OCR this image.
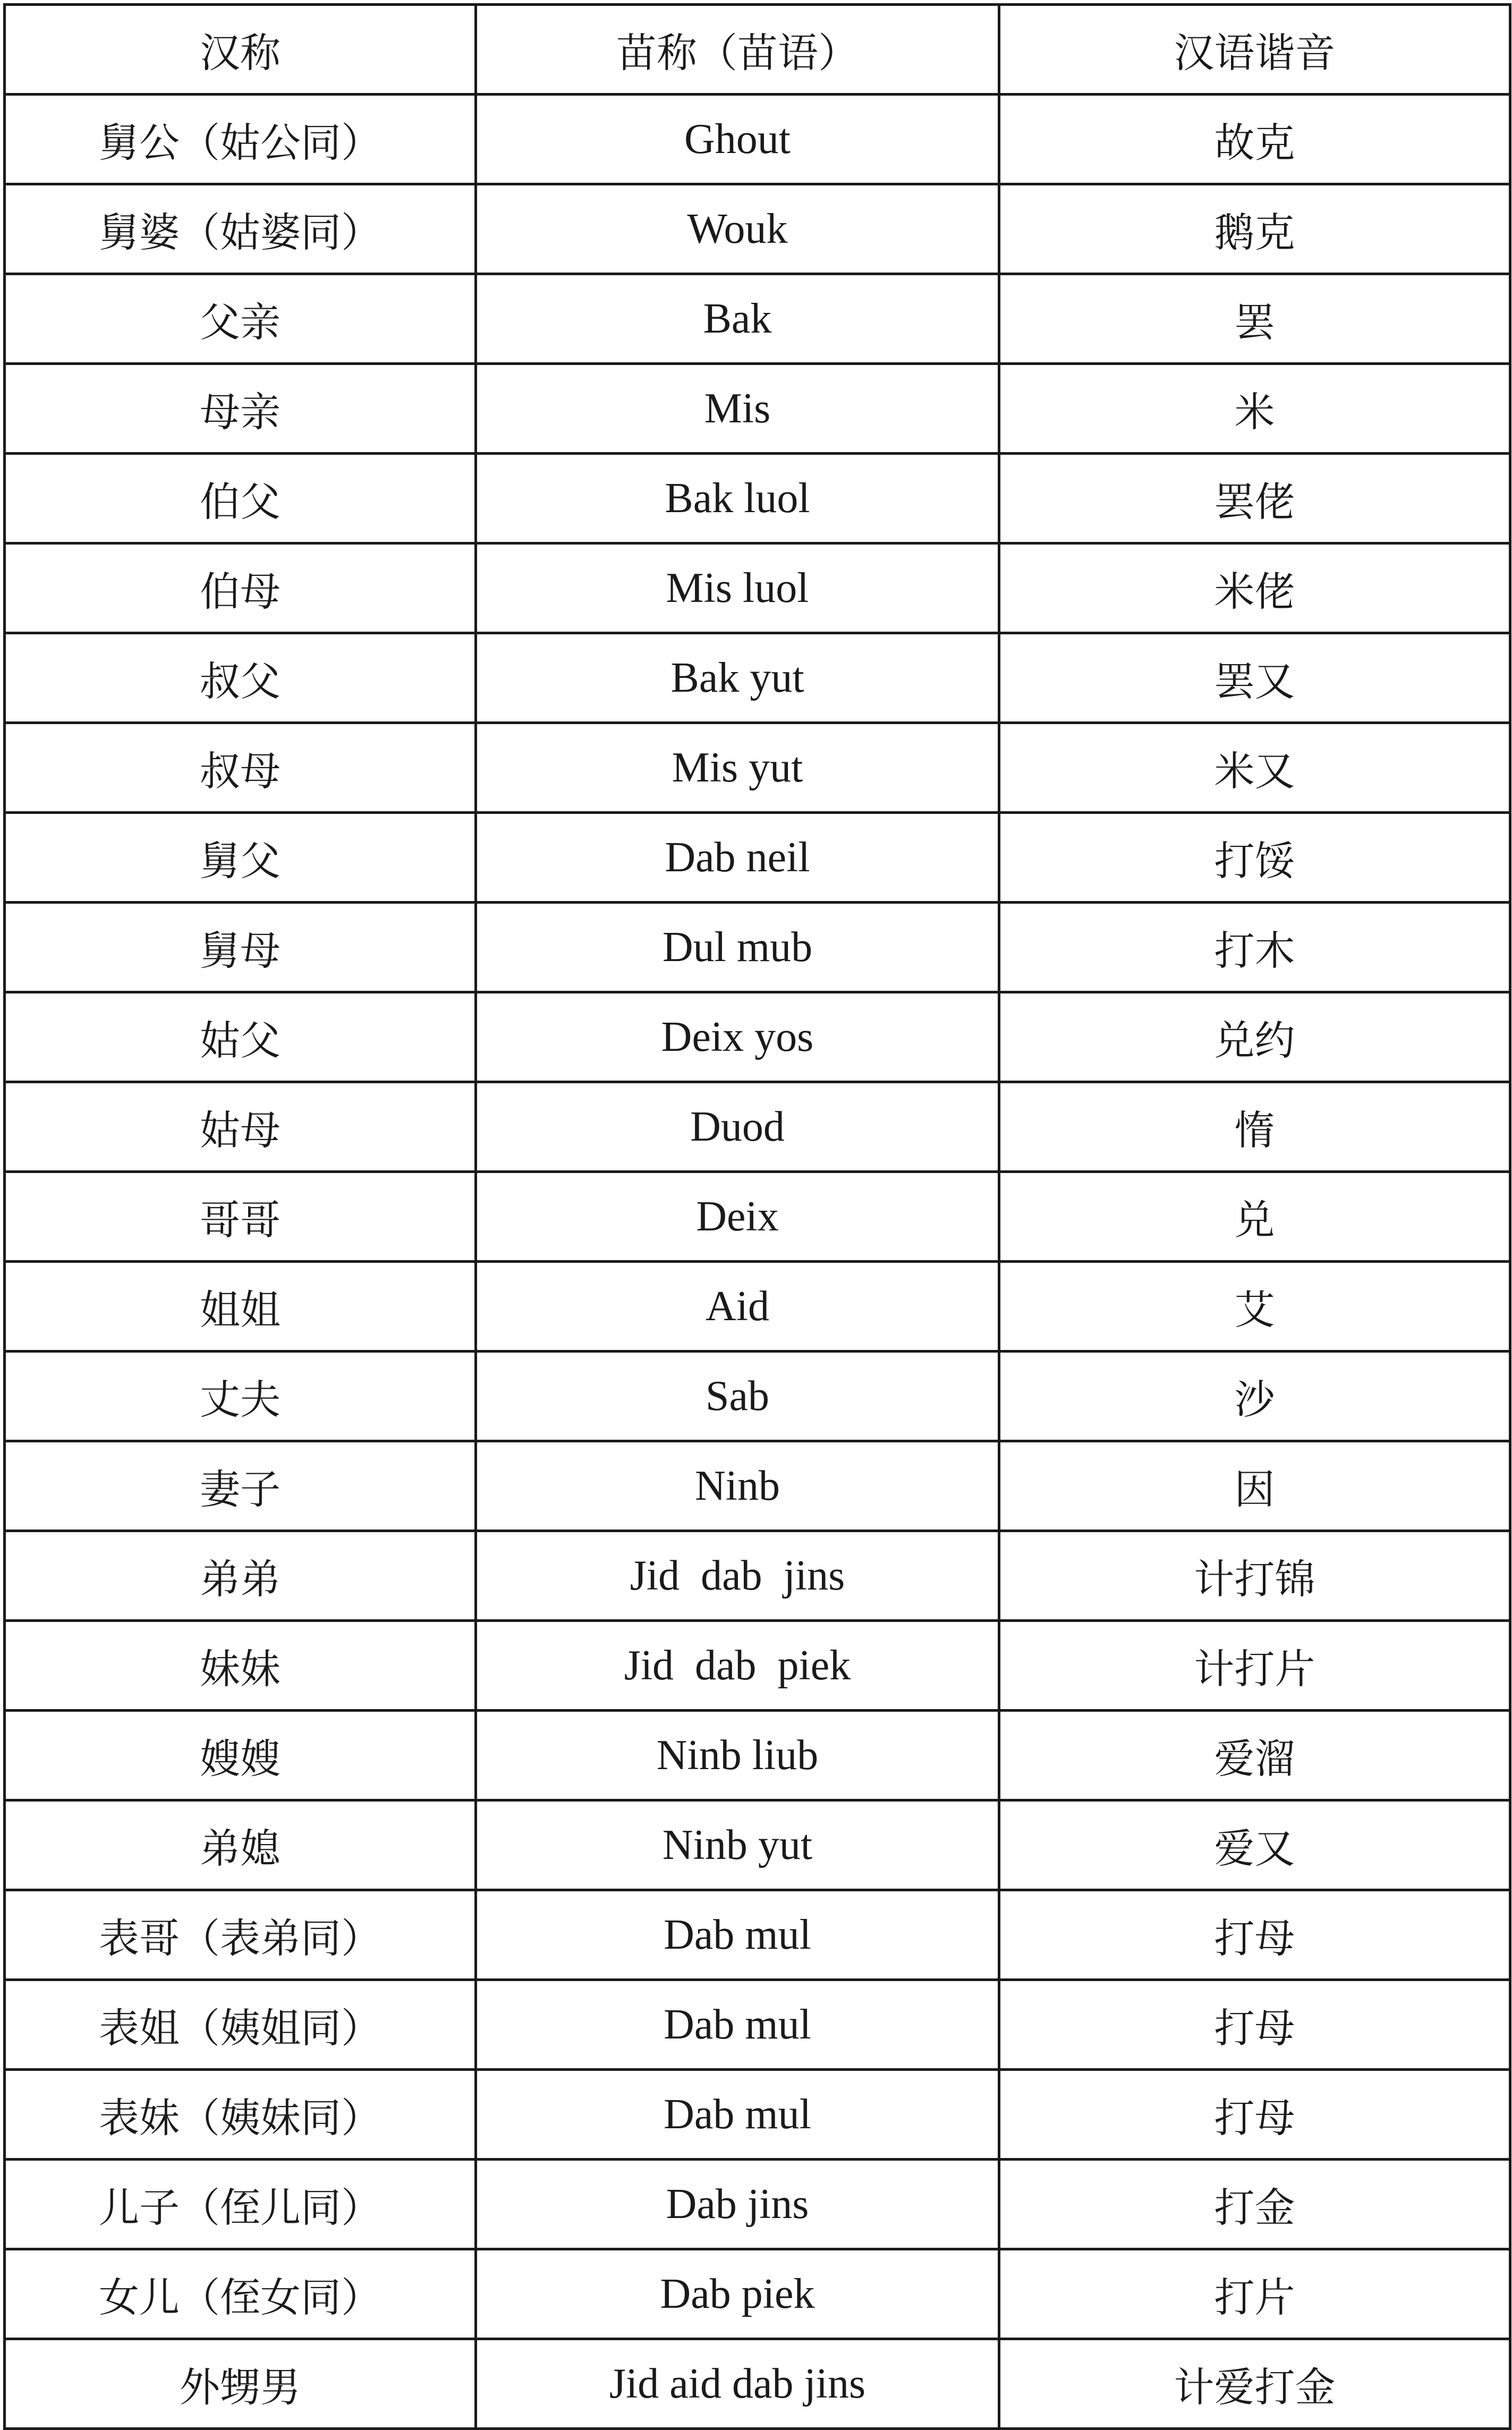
汉称	苗称（苗语）	汉语谐音
舅公（姑公同）	Ghout	故克
舅婆（姑婆同）	Wouk	鹅克
父亲	Bak	罢
母亲	Mis	米
伯父	Bak luol	罢佬
伯母	Mis luol	米佬
叔父	Bak yut	罢又
叔母	Mis yut	米又
舅父	Dab neil	打馁
舅母	Dul mub	打木
姑父	Deix yos	兑约
姑母	Duod	惰
哥哥	Deix	兑
姐姐	Aid	艾
丈夫	Sab	沙
妻子	Ninb	因
弟弟	Jid  dab  jins	计打锦
妹妹	Jid  dab  piek	计打片
嫂嫂	Ninb liub	爱溜
弟媳	Ninb yut	爱又
表哥（表弟同）	Dab mul	打母
表姐（姨姐同）	Dab mul	打母
表妹（姨妹同）	Dab mul	打母
儿子（侄儿同）	Dab jins	打金
女儿（侄女同）	Dab piek	打片
外甥男	Jid aid dab jins	计爱打金
